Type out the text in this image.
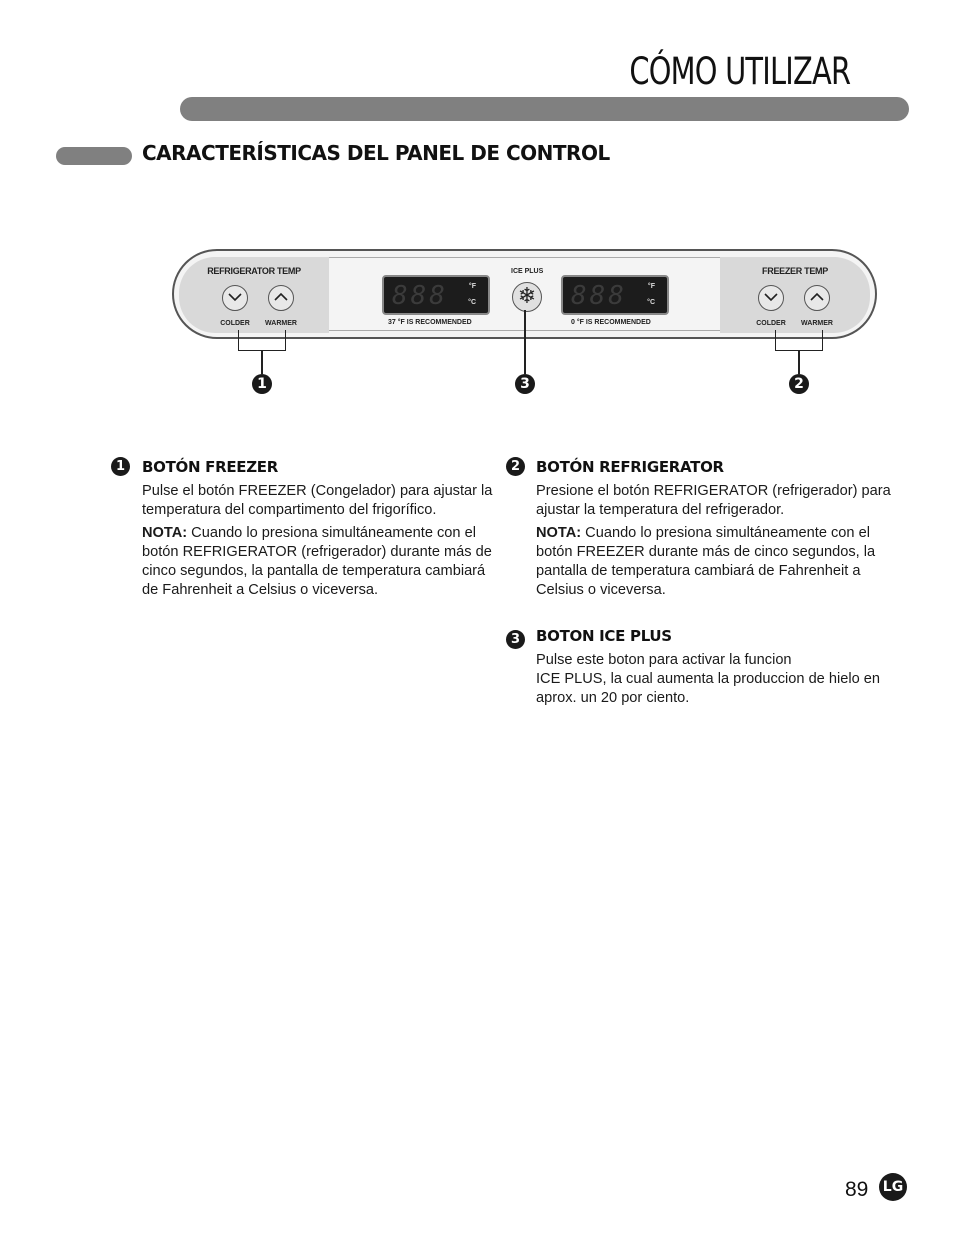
CÓMO UTILIZAR
CARACTERÍSTICAS DEL PANEL DE CONTROL
REFRIGERATOR TEMP
COLDER	WARMER
888	°F
°C
37 °F IS RECOMMENDED
ICE PLUS
❄ 888	°F
°C
0 °F IS RECOMMENDED
FREEZER TEMP
COLDER	WARMER
1	3	2
1	BOTÓN FREEZER

Pulse el botón FREEZER (Congelador) para ajustar la temperatura del compartimento del frigorífico.

NOTA: Cuando lo presiona simultáneamente con el botón REFRIGERATOR (refrigerador) durante más de cinco segundos, la pantalla de temperatura cambiará de Fahrenheit a Celsius o viceversa.

2	BOTÓN REFRIGERATOR

Presione el botón REFRIGERATOR (refrigerador) para ajustar la temperatura del refrigerador.

NOTA: Cuando lo presiona simultáneamente con el botón FREEZER durante más de cinco segundos, la pantalla de temperatura cambiará de Fahrenheit a Celsius o viceversa.

3	BOTON ICE PLUS

Pulse este boton para activar la funcion

ICE PLUS, la cual aumenta la produccion de hielo en aprox. un 20 por ciento.

89 LG
